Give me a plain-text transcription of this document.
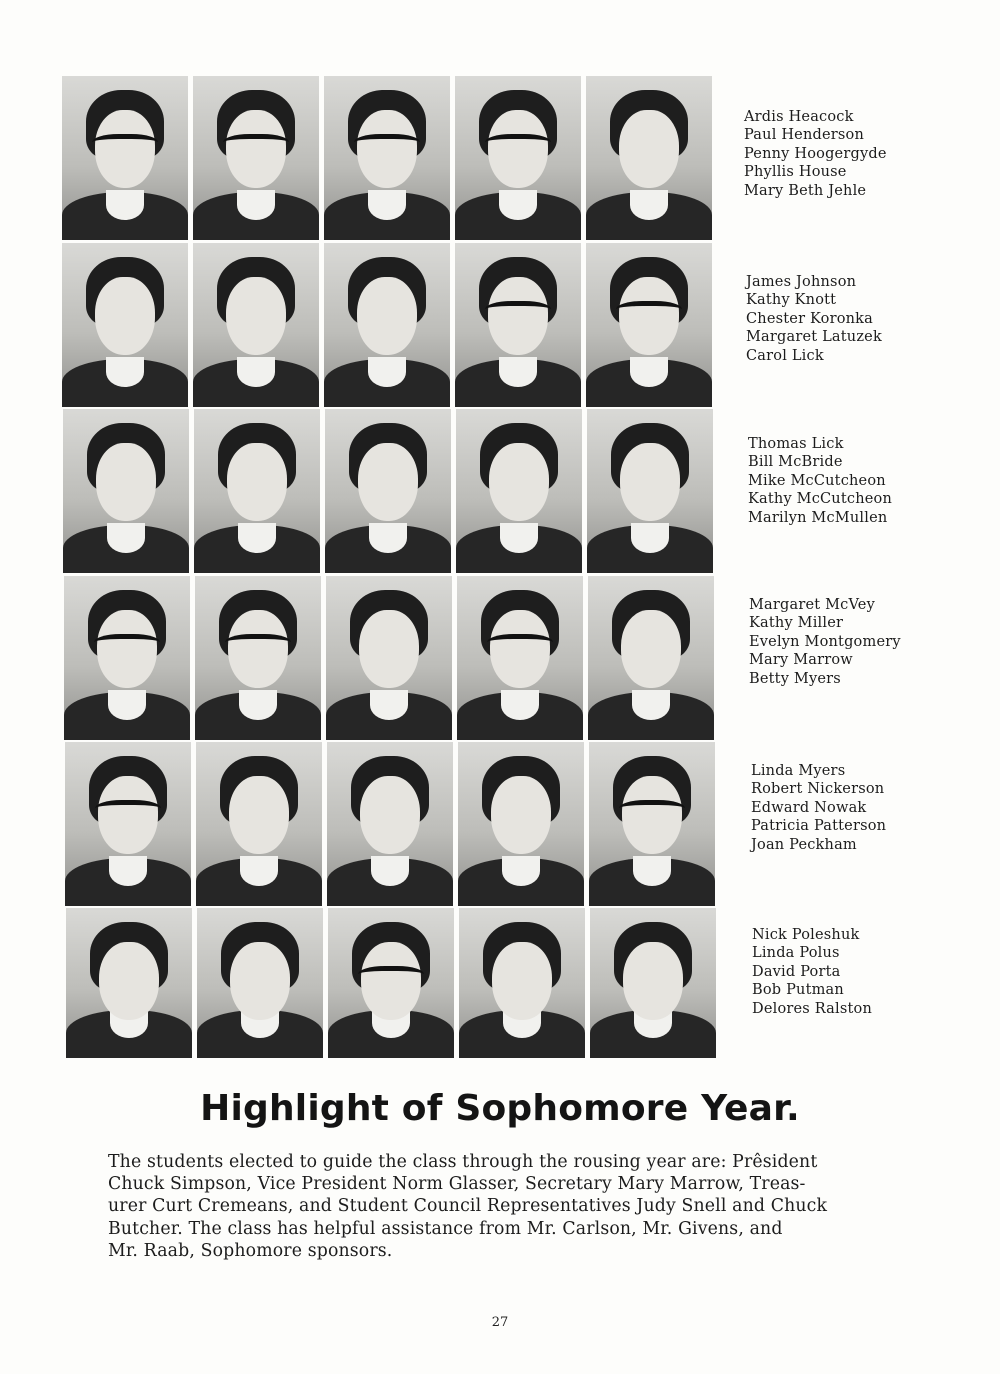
Ardis Heacock
Paul Henderson
Penny Hoogergyde
Phyllis House
Mary Beth Jehle
James Johnson
Kathy Knott
Chester Koronka
Margaret Latuzek
Carol Lick
Thomas Lick
Bill McBride
Mike McCutcheon
Kathy McCutcheon
Marilyn McMullen
Margaret McVey
Kathy Miller
Evelyn Montgomery
Mary Marrow
Betty Myers
Linda Myers
Robert Nickerson
Edward Nowak
Patricia Patterson
Joan Peckham
Nick Poleshuk
Linda Polus
David Porta
Bob Putman
Delores Ralston
Highlight of Sophomore Year.

The students elected to guide the class through the rousing year are: Prêsident
Chuck Simpson, Vice President Norm Glasser, Secretary Mary Marrow, Treas-
urer Curt Cremeans, and Student Council Representatives Judy Snell and Chuck
Butcher. The class has helpful assistance from Mr. Carlson, Mr. Givens, and
Mr. Raab, Sophomore sponsors.

27
